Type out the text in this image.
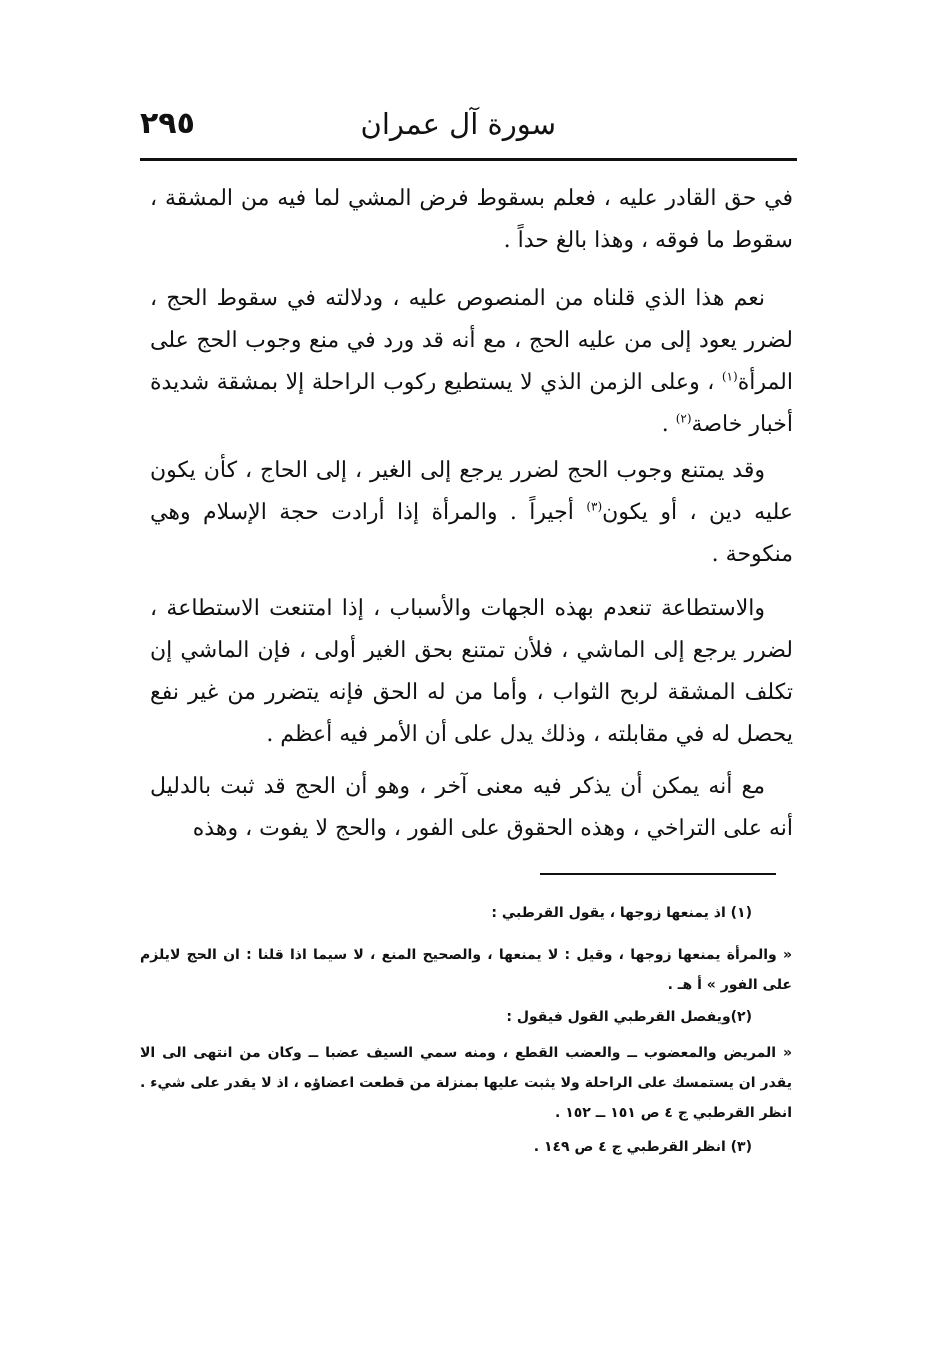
سورة آل عمران
٢٩٥

في حق القادر عليه ، فعلم بسقوط فرض المشي لما فيه من المشقة ، سقوط ما فوقه ، وهذا بالغ حداً .

نعم هذا الذي قلناه من المنصوص عليه ، ودلالته في سقوط الحج ، لضرر يعود إلى من عليه الحج ، مع أنه قد ورد في منع وجوب الحج على المرأة$^{(١)}$ ، وعلى الزمن الذي لا يستطيع ركوب الراحلة إلا بمشقة شديدة أخبار خاصة$^{(٢)}$ .

وقد يمتنع وجوب الحج لضرر يرجع إلى الغير ، إلى الحاج ، كأن يكون عليه دين ، أو يكون$^{(٣)}$ أجيراً . والمرأة إذا أرادت حجة الإسلام وهي منكوحة .

والاستطاعة تنعدم بهذه الجهات والأسباب ، إذا امتنعت الاستطاعة ، لضرر يرجع إلى الماشي ، فلأن تمتنع بحق الغير أولى ، فإن الماشي إن تكلف المشقة لربح الثواب ، وأما من له الحق فإنه يتضرر من غير نفع يحصل له في مقابلته ، وذلك يدل على أن الأمر فيه أعظم .

مع أنه يمكن أن يذكر فيه معنى آخر ، وهو أن الحج قد ثبت بالدليل أنه على التراخي ، وهذه الحقوق على الفور ، والحج لا يفوت ، وهذه

(١) اذ يمنعها زوجها ، يقول القرطبي :

« والمرأة يمنعها زوجها ، وقيل : لا يمنعها ، والصحيح المنع ، لا سيما اذا قلنا : ان الحج لايلزم على الفور » أ هـ .

(٢)ويفصل القرطبي القول فيقول :

« المريض والمعضوب ــ والعضب القطع ، ومنه سمي السيف عضبا ــ وكان من انتهى الى الا يقدر ان يستمسك على الراحلة ولا يثبت عليها بمنزلة من قطعت اعضاؤه ، اذ لا يقدر على شيء . انظر القرطبي ج ٤ ص ١٥١ ــ ١٥٢ .

(٣) انظر القرطبي ج ٤ ص ١٤٩ .
